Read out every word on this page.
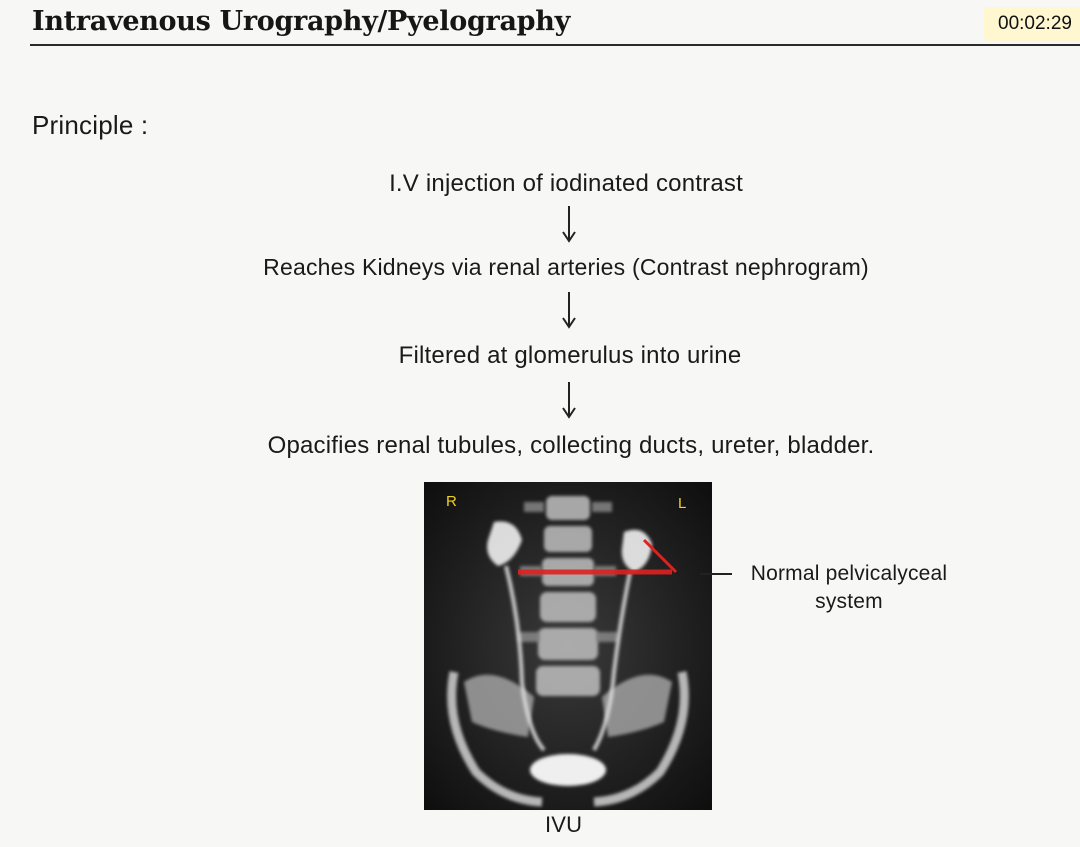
Intravenous Urography/Pyelography	00:02:29
Principle :
I.V injection of iodinated contrast
Reaches Kidneys via renal arteries (Contrast nephrogram)
Filtered at glomerulus into urine
Opacifies renal tubules, collecting ducts, ureter, bladder.
R	L
Normal pelvicalyceal
system
IVU
